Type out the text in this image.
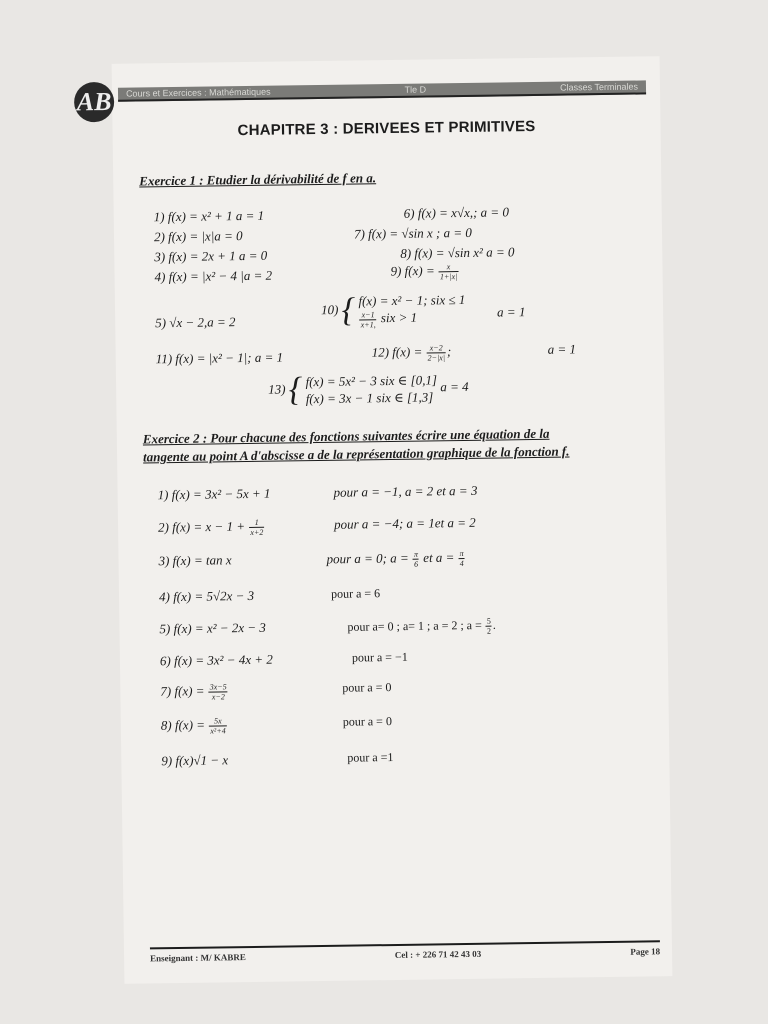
AB Cours et Exercices : Mathématiques	Tle D	Classes Terminales
CHAPITRE 3 : DERIVEES ET PRIMITIVES
Exercice 1 : Etudier la dérivabilité de f en a.
1) f(x) = x² + 1 a = 1
2) f(x) = |x|a = 0
3) f(x) = 2x + 1 a = 0
4) f(x) = |x² − 4 |a = 2
5) √x − 2,a = 2
6) f(x) = x√x,; a = 0
7) f(x) = √sin x ; a = 0
8) f(x) = √sin x² a = 0
9) $f(x) = \frac{x}{1+|x|}$
10) { f(x) = x² − 1; six ≤ 1

$\frac{x-1}{x+1,}$ six > 1	a = 1
11) f(x) = |x² − 1|; a = 1	12) $f(x) = \frac{x-2}{2-|x|}$ ;	a = 1
13) { f(x) = 5x² − 3 six ∈ [0,1]
f(x) = 3x − 1 six ∈ [1,3] a = 4
Exercice 2 : Pour chacune des fonctions suivantes écrire une équation de la
tangente au point A d'abscisse a de la représentation graphique de la fonction f.
1) f(x) = 3x² − 5x + 1	pour a = −1, a = 2 et a = 3
2) $f(x) = x - 1 + \frac{1}{x+2}$	pour a = −4; a = 1et a = 2
3) f(x) = tan x	pour a = 0; $a = \frac{\pi}{6}$ et $a = \frac{\pi}{4}$
4) f(x) = 5√2x − 3	pour a = 6
5) f(x) = x² − 2x − 3	pour a= 0 ; a= 1 ; a = 2 ; $a = \frac{5}{2}$ .
6) f(x) = 3x² − 4x + 2	pour a = −1
7) $f(x) = \frac{3x-5}{x-2}$	pour a = 0
8) $f(x) = \frac{5x}{\text{x²+4}}$	pour a = 0
9) f(x)√1 − x	pour a =1
Enseignant : M/ KABRE	Cel : + 226 71 42 43 03	Page 18
